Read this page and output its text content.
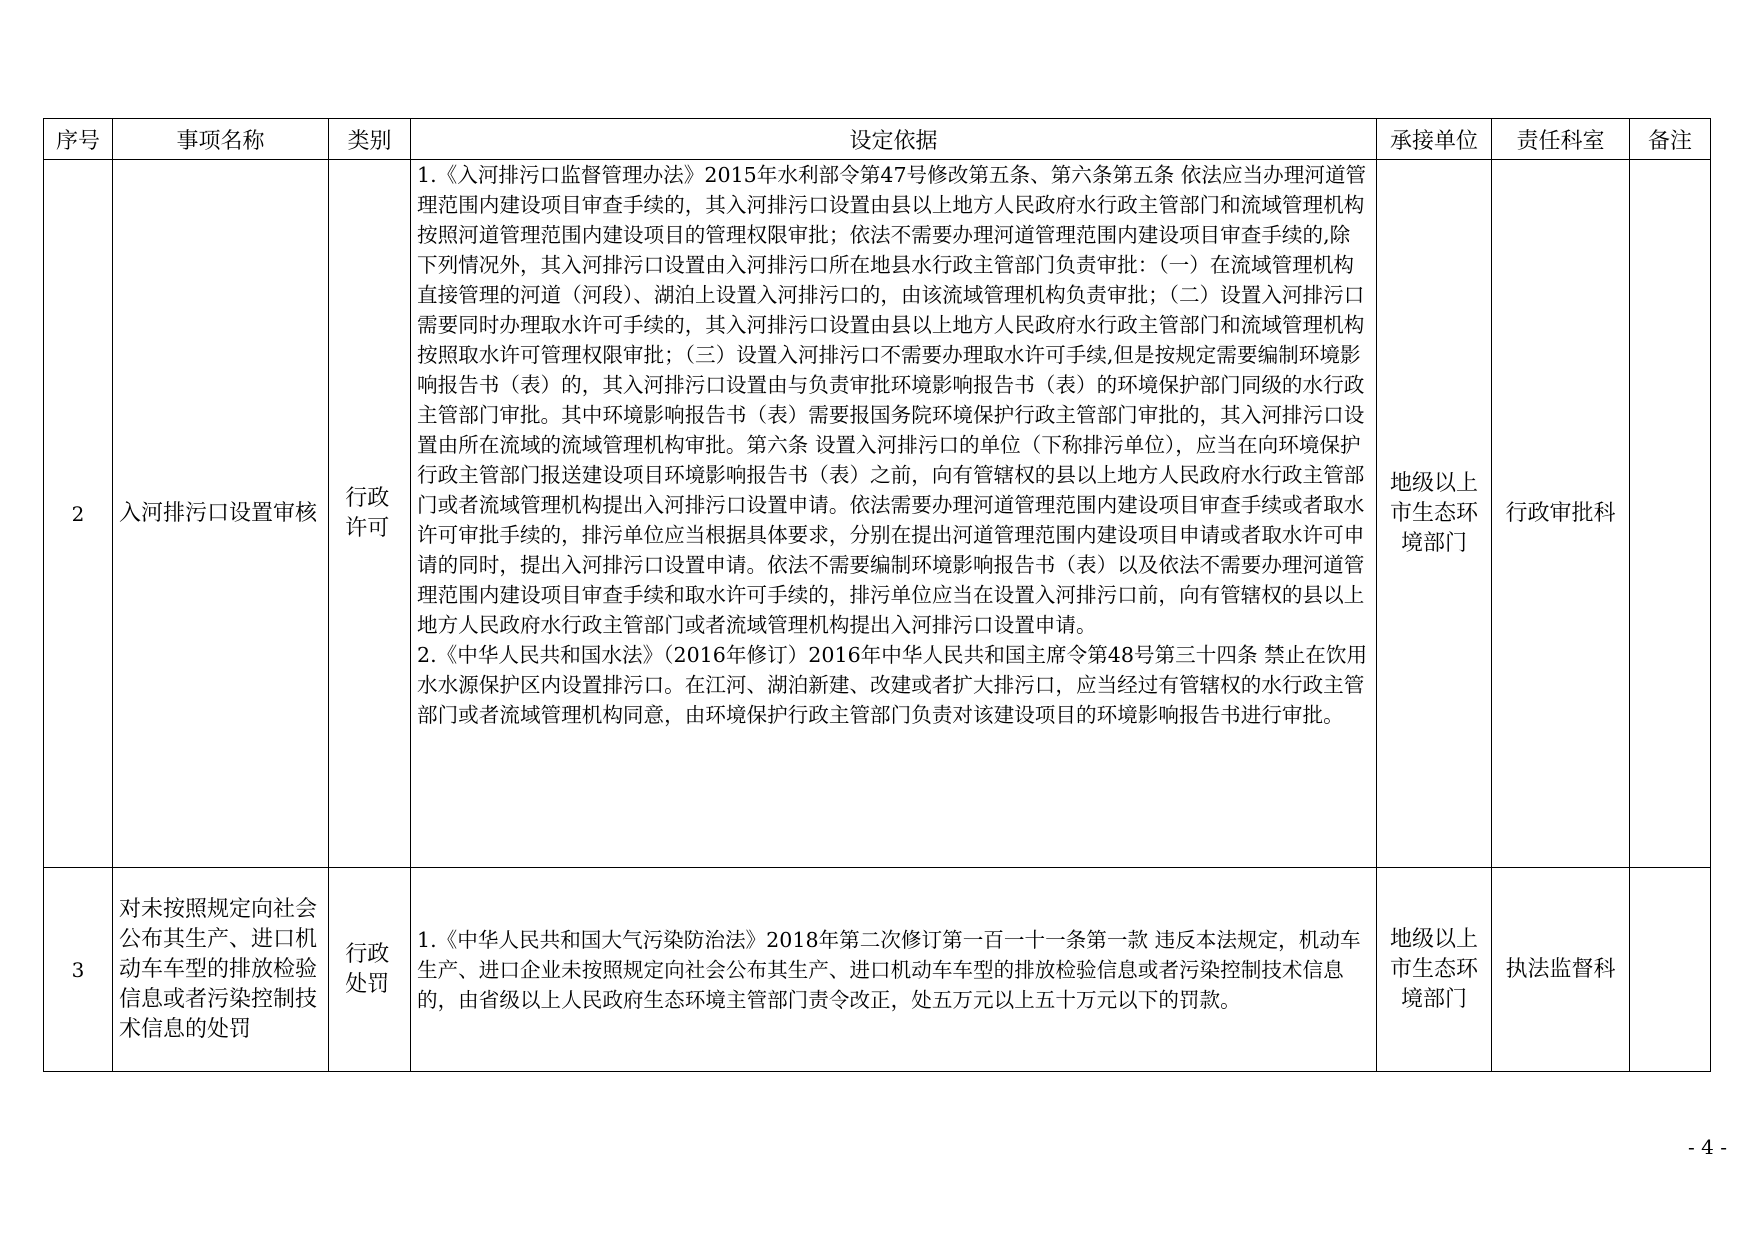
序号	事项名称	类别	设定依据	承接单位	责任科室	备注
2	入河排污口设置审核	行政许可	1.《入河排污口监督管理办法》2015年水利部令第47号修改第五条、第六条第五条 依法应当办理河道管理范围内建设项目审查手续的，其入河排污口设置由县以上地方人民政府水行政主管部门和流域管理机构按照河道管理范围内建设项目的管理权限审批；依法不需要办理河道管理范围内建设项目审查手续的,除下列情况外，其入河排污口设置由入河排污口所在地县水行政主管部门负责审批：（一）在流域管理机构直接管理的河道（河段）、湖泊上设置入河排污口的，由该流域管理机构负责审批；（二）设置入河排污口需要同时办理取水许可手续的，其入河排污口设置由县以上地方人民政府水行政主管部门和流域管理机构按照取水许可管理权限审批；（三）设置入河排污口不需要办理取水许可手续,但是按规定需要编制环境影响报告书（表）的，其入河排污口设置由与负责审批环境影响报告书（表）的环境保护部门同级的水行政主管部门审批。其中环境影响报告书（表）需要报国务院环境保护行政主管部门审批的，其入河排污口设置由所在流域的流域管理机构审批。第六条 设置入河排污口的单位（下称排污单位），应当在向环境保护行政主管部门报送建设项目环境影响报告书（表）之前，向有管辖权的县以上地方人民政府水行政主管部门或者流域管理机构提出入河排污口设置申请。依法需要办理河道管理范围内建设项目审查手续或者取水许可审批手续的，排污单位应当根据具体要求，分别在提出河道管理范围内建设项目申请或者取水许可申请的同时，提出入河排污口设置申请。依法不需要编制环境影响报告书（表）以及依法不需要办理河道管理范围内建设项目审查手续和取水许可手续的，排污单位应当在设置入河排污口前，向有管辖权的县以上地方人民政府水行政主管部门或者流域管理机构提出入河排污口设置申请。

2.《中华人民共和国水法》（2016年修订）2016年中华人民共和国主席令第48号第三十四条 禁止在饮用水水源保护区内设置排污口。在江河、湖泊新建、改建或者扩大排污口，应当经过有管辖权的水行政主管部门或者流域管理机构同意，由环境保护行政主管部门负责对该建设项目的环境影响报告书进行审批。	地级以上市生态环境部门	行政审批科	
3	对未按照规定向社会公布其生产、进口机动车车型的排放检验信息或者污染控制技术信息的处罚	行政处罚	1.《中华人民共和国大气污染防治法》2018年第二次修订第一百一十一条第一款 违反本法规定，机动车生产、进口企业未按照规定向社会公布其生产、进口机动车车型的排放检验信息或者污染控制技术信息的，由省级以上人民政府生态环境主管部门责令改正，处五万元以上五十万元以下的罚款。	地级以上市生态环境部门	执法监督科	
- 4 -
